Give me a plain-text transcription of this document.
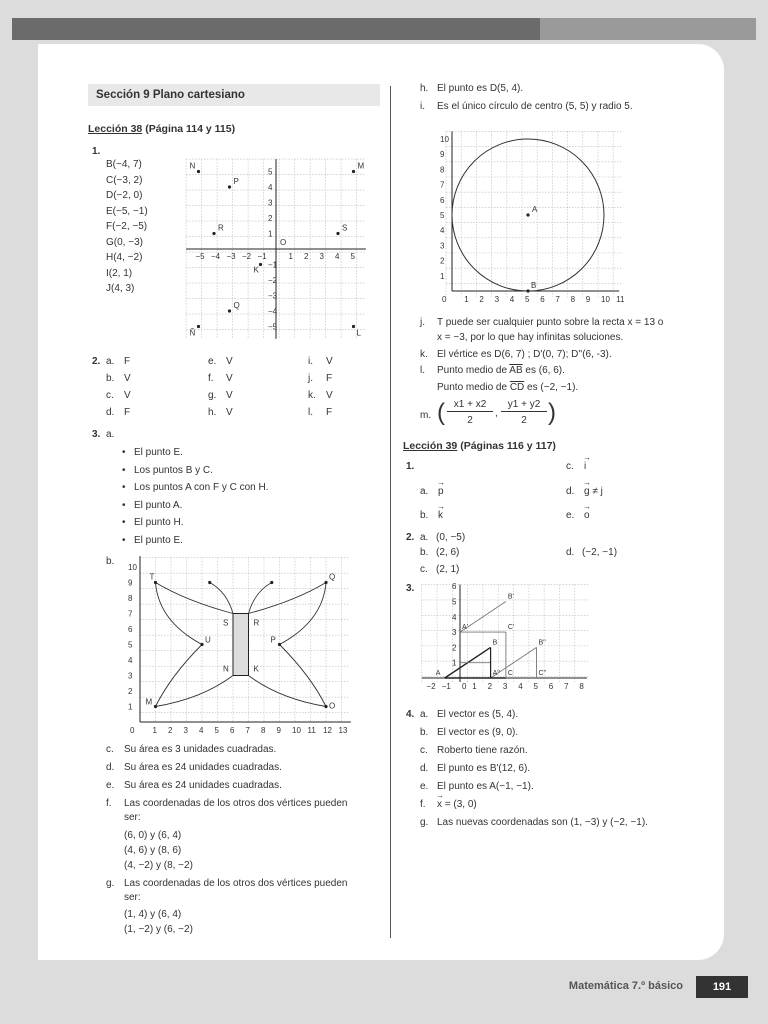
Matemática 7.º básico	191
Sección 9 Plano cartesiano
Lección 38 (Página 114 y 115)
1.
−5 −4 −3 −2 −1	1 2 3 4 5
5
4
3
2
1
−1
−2
−3
−4
−5
O
N	M
P
R	S
K
Q
Ñ	L
2.
3. a.
b.
1 2 3 4 5 6 7 8 9 10 11 12 13
1
2
3
4
5
6
7
8
9
10
0
T	Q
S	R
U	P
N	K
M	O
h. El punto es D(5, 4).
i. Es el único círculo de centro (5, 5) y radio 5.
1 2 3 4 5 6 7 8 9 10 11
1
2
3
4
5
6
7
8
9
10
0
A
B
j. T puede ser cualquier punto sobre la recta x = 13 o
x = −3, por lo que hay infinitas soluciones.
k. El vértice es D(6, 7) ; D'(0, 7); D''(6, -3).
l. Punto medio de $\overline{AB}$ es (6, 6).
Punto medio de $\overline{CD}$ es (−2, −1).
m. ( x1 + x2
2
,
y1 + y2
2 )
Lección 39 (Páginas 116 y 117)
1.
2.
3.
−2 −1	1 2 3 4 5 6 7 8
1
2
3
4
5
6
0
A
B
A'
B'
A'' C
C'
B''
C''
4.
B(−4, 7)
C(−3, 2)
D(−2, 0)
E(−5, −1)
F(−2, −5)
G(0, −3)
H(4, −2)
I(2, 1)
J(4, 3)
a. F
b. V
c. V
d. F
e. V
f. V
g. V
h. V
i. V
j. F
k. V
l. F
• El punto E.
• Los puntos B y C.
• Los puntos A con F y C con H.
• El punto A.
• El punto H.
• El punto E.
c. Su área es 3 unidades cuadradas.
d. Su área es 24 unidades cuadradas.
e. Su área es 24 unidades cuadradas.
f. Las coordenadas de los otros dos vértices pueden
ser:
(6, 0) y (6, 4)
(4, 6) y (8, 6)
(4, −2) y (8, −2)
g. Las coordenadas de los otros dos vértices pueden
ser:
(1, 4) y (6, 4)
(1, −2) y (6, −2)
a. p
→
b. k
→
c. i
→
d. g ≠ j
→
e. o
→
a. (0, −5)
b. (2, 6)
c. (2, 1)
d. (−2, −1)
a. El vector es (5, 4).
b. El vector es (9, 0).
c. Roberto tiene razón.
d. El punto es B'(12, 6).
e. El punto es A(−1, −1).
f. x = (3, 0)
→
g. Las nuevas coordenadas son (1, −3) y (−2, −1).
